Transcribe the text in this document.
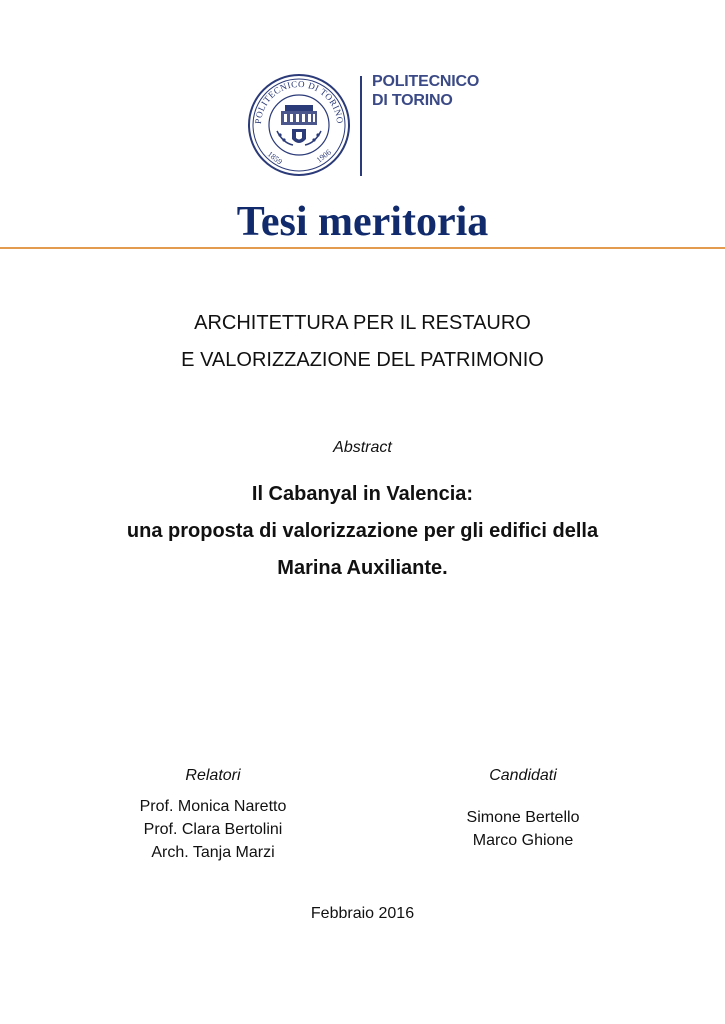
POLITECNICO DI TORINO
1859	1906
POLITECNICO
DI TORINO
Tesi meritoria
ARCHITETTURA PER IL RESTAURO
E VALORIZZAZIONE DEL PATRIMONIO
Abstract
Il Cabanyal in Valencia:
una proposta di valorizzazione per gli edifici della
Marina Auxiliante.
Relatori
Prof. Monica Naretto
Prof. Clara Bertolini
Arch. Tanja Marzi
Candidati
Simone Bertello
Marco Ghione
Febbraio 2016
